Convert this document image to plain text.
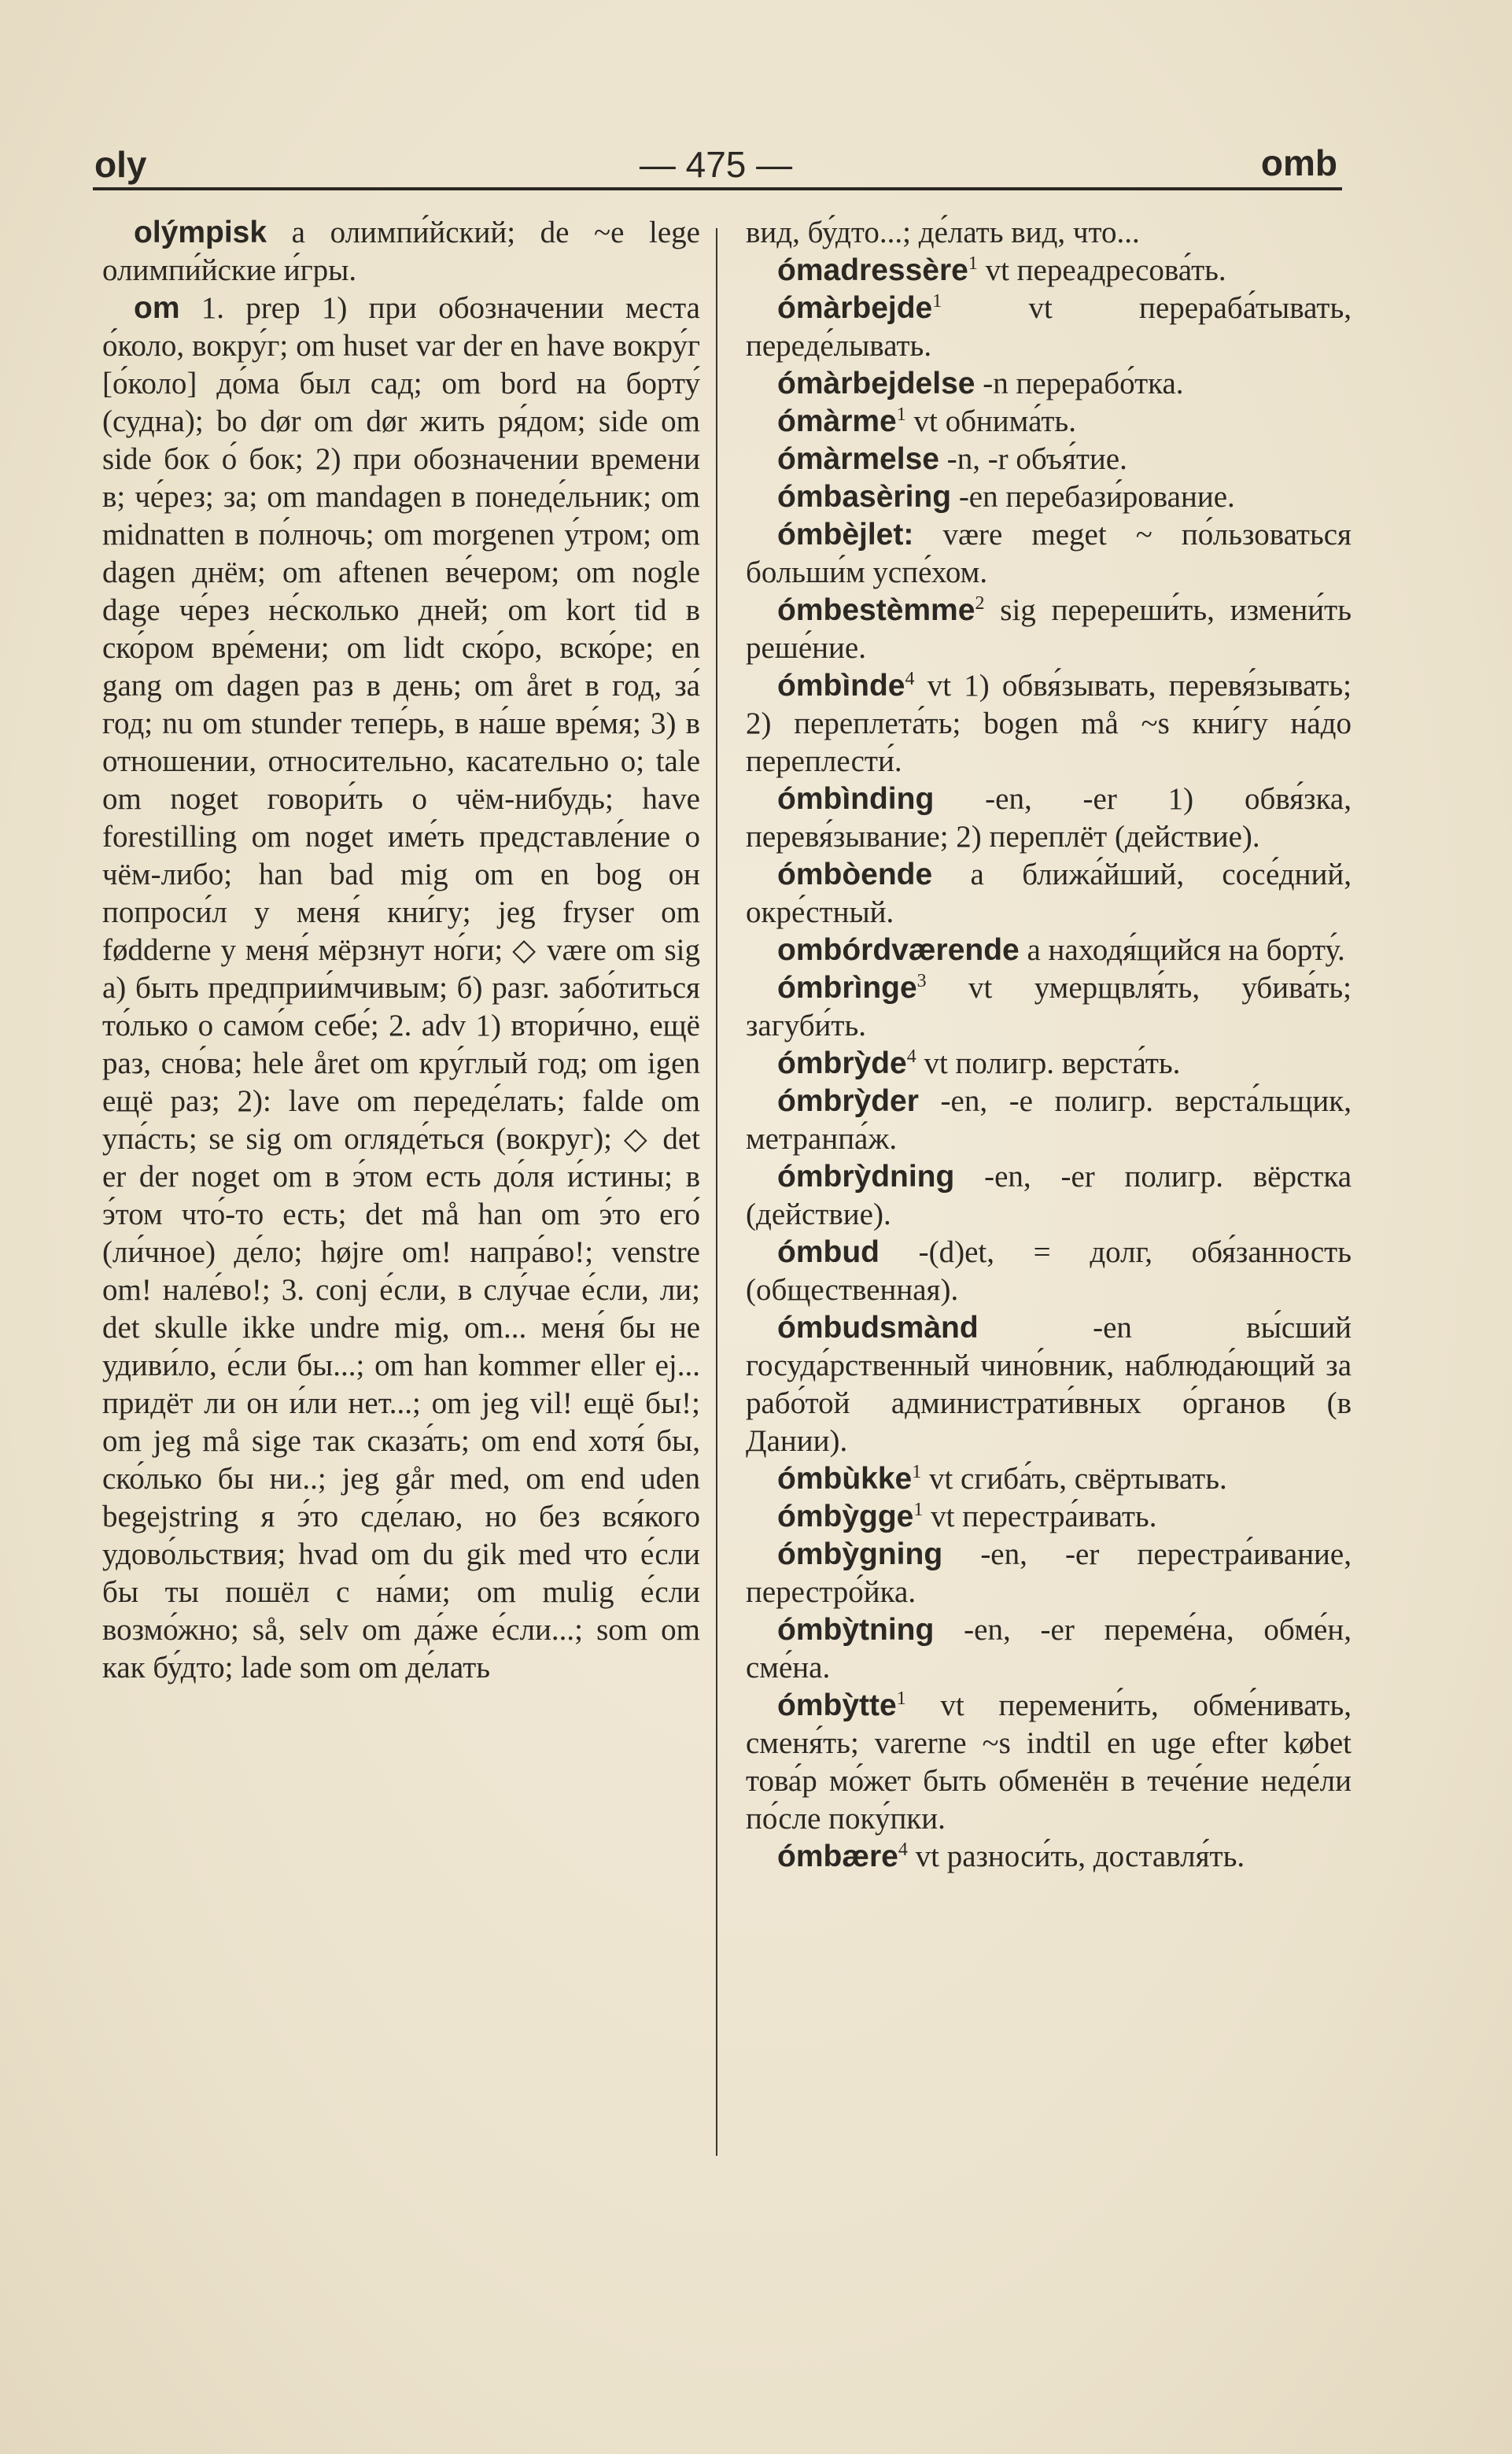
oly	— 475 —	omb

olýmpisk a олимпи́йский; de ~e lege олимпи́йские и́гры.

om 1. prep 1) при обозначении места о́коло, вокру́г; om huset var der en have вокру́г [о́коло] до́ма был сад; om bord на борту́ (судна); bo dør om dør жить ря́дом; side om side бок о́ бок; 2) при обозначении времени в; че́рез; за; om mandagen в понеде́льник; om midnatten в по́лночь; om morgenen у́тром; om dagen днём; om aftenen ве́чером; om nogle dage че́рез не́сколько дней; om kort tid в ско́ром вре́мени; om lidt ско́ро, вско́ре; en gang om dagen раз в день; om året в год, за́ год; nu om stunder тепе́рь, в на́ше вре́мя; 3) в отношении, относительно, касательно о; tale om noget говори́ть о чём-нибудь; have forestilling om noget име́ть представле́ние о чём-либо; han bad mig om en bog он попроси́л у меня́ кни́гу; jeg fryser om fødderne у меня́ мёрзнут но́ги; ◇ være om sig а) быть предприи́мчивым; б) разг. забо́титься то́лько о само́м себе́; 2. adv 1) втори́чно, ещё раз, сно́ва; hele året om кру́глый год; om igen ещё раз; 2): lave om переде́лать; falde om упа́сть; se sig om огляде́ться (вокруг); ◇ det er der noget om в э́том есть до́ля и́стины; в э́том что́-то есть; det må han om э́то его́ (ли́чное) де́ло; højre om! напра́во!; venstre om! нале́во!; 3. conj е́сли, в слу́чае е́сли, ли; det skulle ikke undre mig, om... меня́ бы не удиви́ло, е́сли бы...; om han kommer eller ej... придёт ли он и́ли нет...; om jeg vil! ещё бы!; om jeg må sige так сказа́ть; om end хотя́ бы, ско́лько бы ни..; jeg går med, om end uden begejstring я э́то сде́лаю, но без вся́кого удово́льствия; hvad om du gik med что е́сли бы ты пошёл с на́ми; om mulig е́сли возмо́жно; så, selv om да́же е́сли...; som om как бу́дто; lade som om де́лать

вид, бу́дто...; де́лать вид, что...

ómadressère$^1$ vt переадресова́ть.

ómàrbejde$^1$ vt перераба́тывать, переде́лывать.

ómàrbejdelse -n перерабо́тка.

ómàrme$^1$ vt обнима́ть.

ómàrmelse -n, -r объя́тие.

ómbasèring -en перебази́рование.

ómbèjlet: være meget ~ по́льзоваться больши́м успе́хом.

ómbestèmme$^2$ sig перереши́ть, измени́ть реше́ние.

ómbìnde$^4$ vt 1) обвя́зывать, перевя́зывать; 2) переплета́ть; bogen må ~s кни́гу на́до переплести́.

ómbìnding -en, -er 1) обвя́зка, перевя́зывание; 2) переплёт (действие).

ómbòende a ближа́йший, сосе́дний, окре́стный.

ombórdværende a находя́щийся на борту́.

ómbrìnge$^3$ vt умерщвля́ть, убива́ть; загуби́ть.

ómbrỳde$^4$ vt полигр. верста́ть.

ómbrỳder -en, -e полигр. верста́льщик, метранпа́ж.

ómbrỳdning -en, -er полигр. вёрстка (действие).

ómbud -(d)et, = долг, обя́занность (общественная).

ómbudsmànd -en вы́сший госуда́рственный чино́вник, наблюда́ющий за рабо́той администрати́вных о́рганов (в Дании).

ómbùkke$^1$ vt сгиба́ть, свёртывать.

ómbỳgge$^1$ vt перестра́ивать.

ómbỳgning -en, -er перестра́ивание, перестро́йка.

ómbỳtning -en, -er переме́на, обме́н, сме́на.

ómbỳtte$^1$ vt перемени́ть, обме́нивать, сменя́ть; varerne ~s indtil en uge efter købet това́р мо́жет быть обменён в тече́ние неде́ли по́сле поку́пки.

ómbære$^4$ vt разноси́ть, доставля́ть.
